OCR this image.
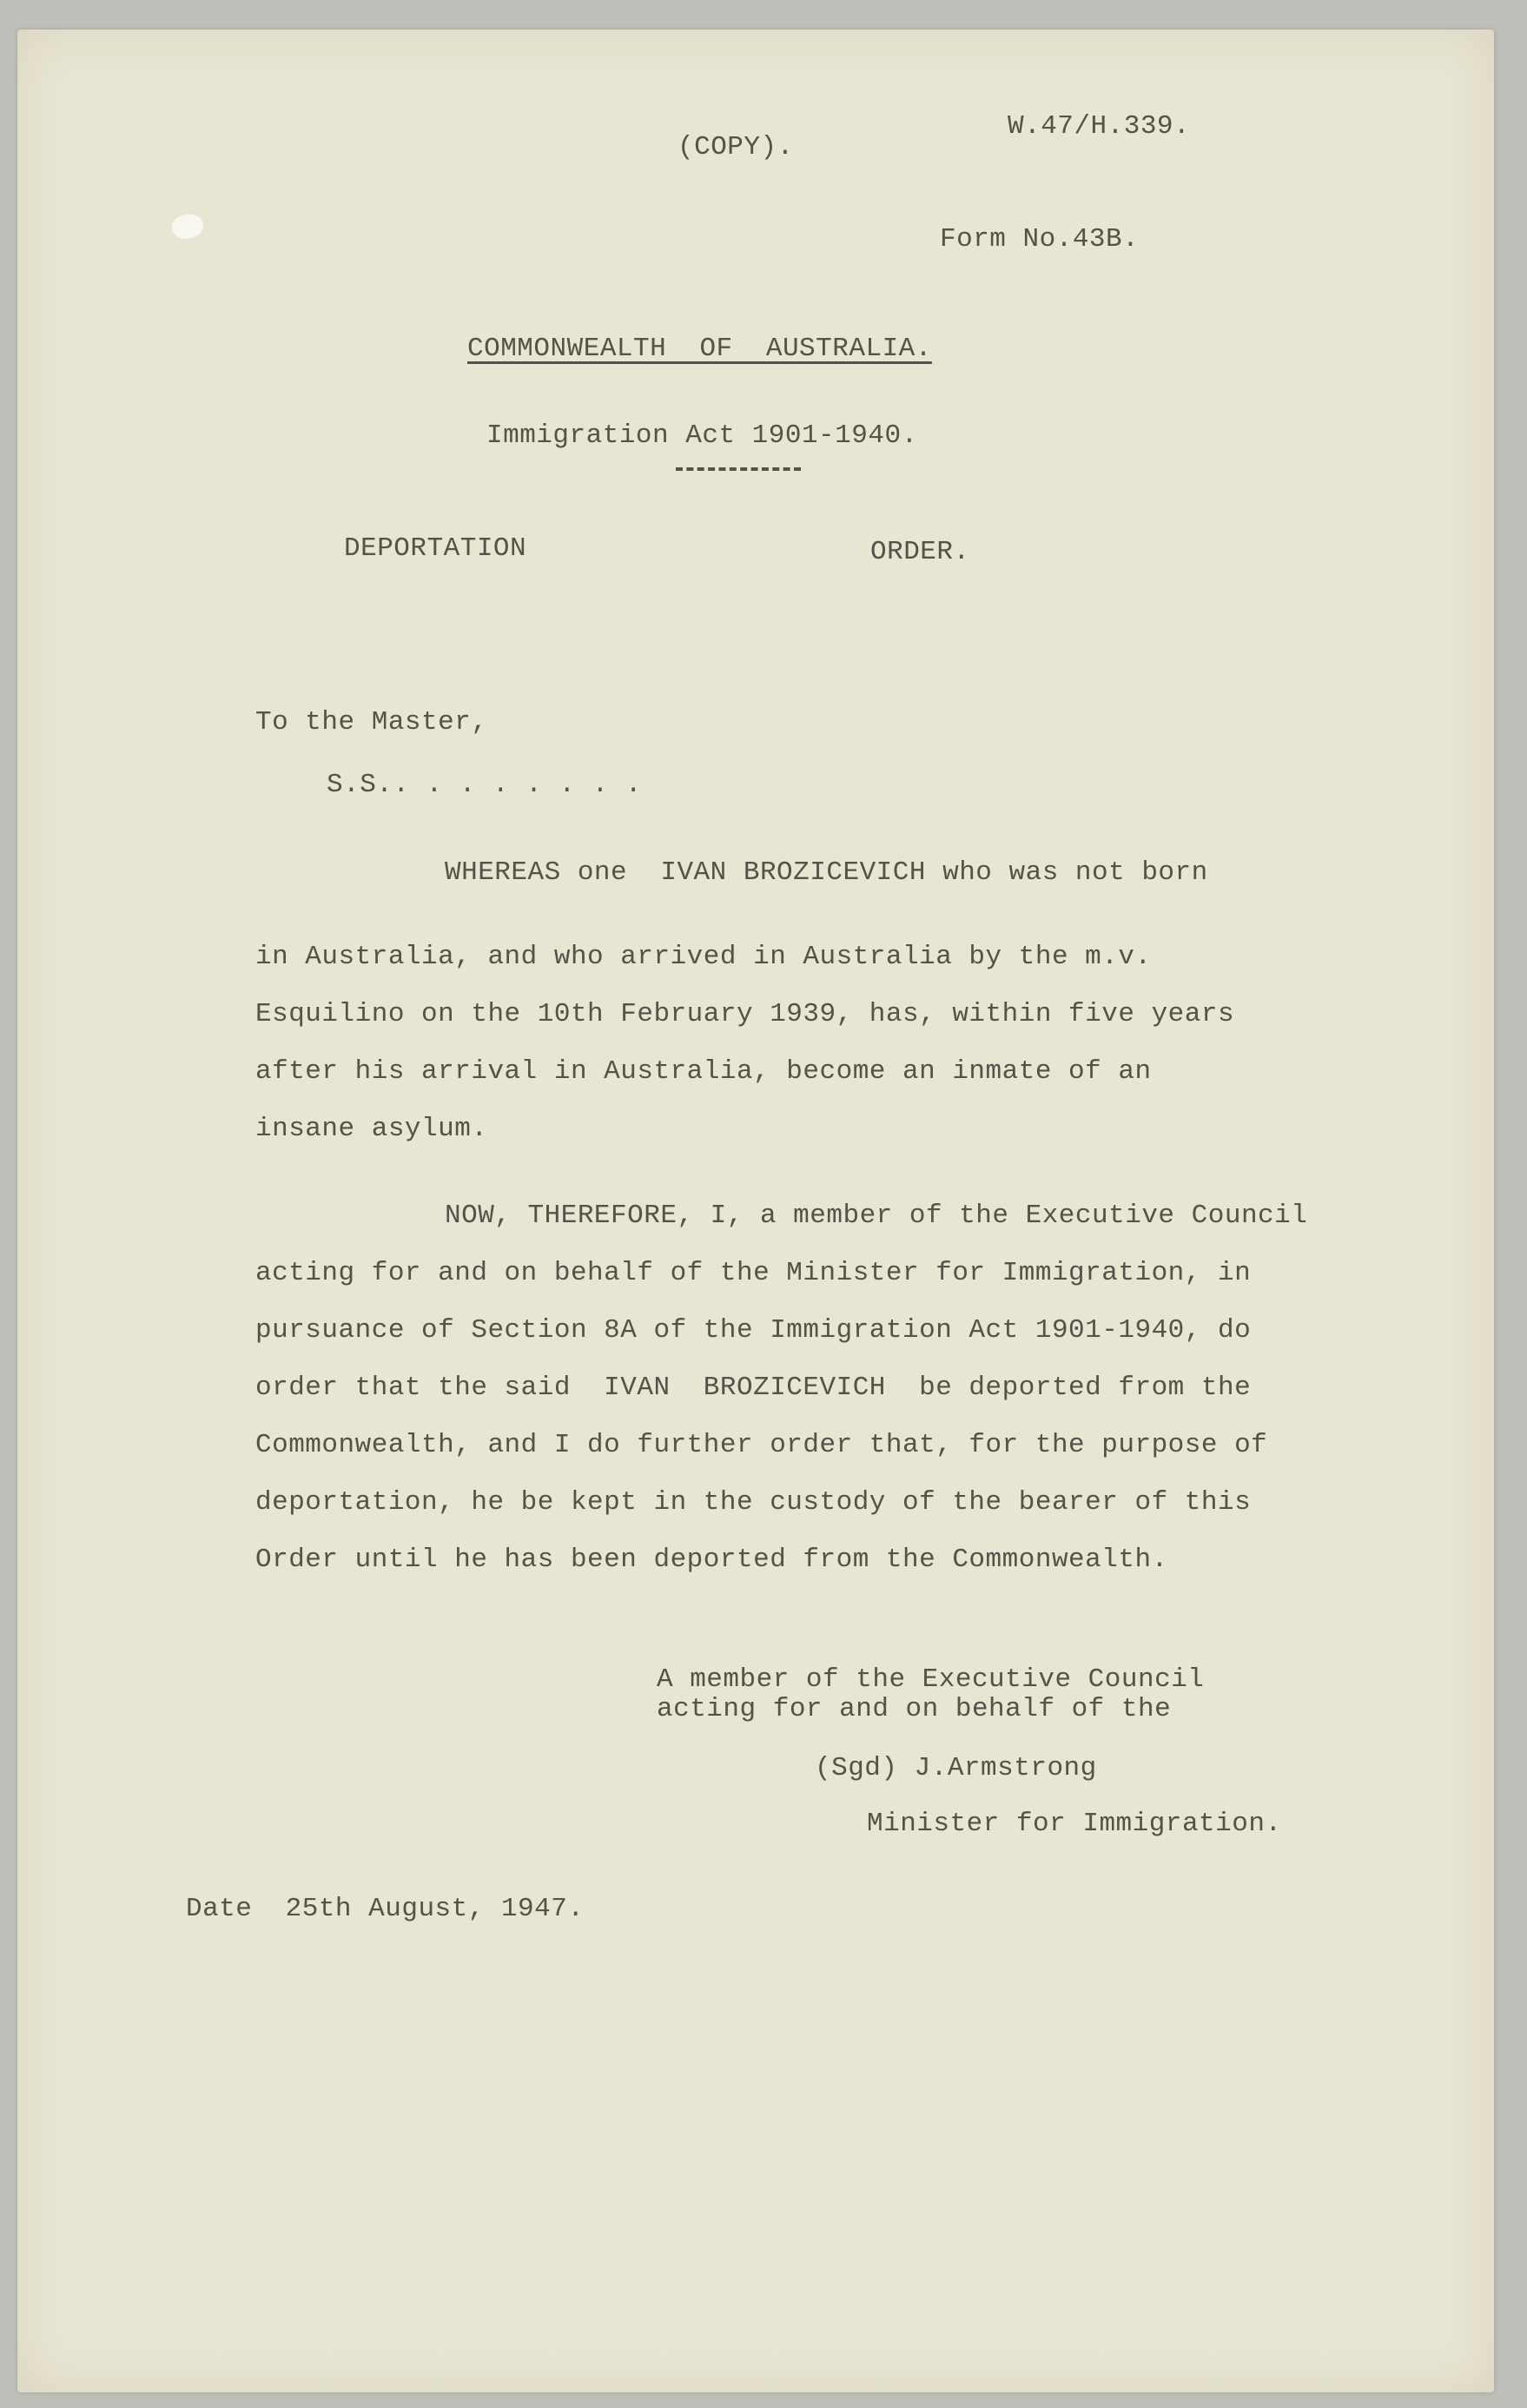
(COPY).
W.47/H.339.
Form No.43B.
COMMONWEALTH  OF  AUSTRALIA.
Immigration Act 1901-1940.
DEPORTATION	ORDER.
To the Master,
S.S.. . . . . . . .
WHEREAS one  IVAN BROZICEVICH who was not born
in Australia, and who arrived in Australia by the m.v.
Esquilino on the 10th February 1939, has, within five years
after his arrival in Australia, become an inmate of an
insane asylum.
NOW, THEREFORE, I, a member of the Executive Council
acting for and on behalf of the Minister for Immigration, in
pursuance of Section 8A of the Immigration Act 1901-1940, do
order that the said  IVAN  BROZICEVICH  be deported from the
Commonwealth, and I do further order that, for the purpose of
deportation, he be kept in the custody of the bearer of this
Order until he has been deported from the Commonwealth.
A member of the Executive Council
acting for and on behalf of the
(Sgd) J.Armstrong
Minister for Immigration.
Date  25th August, 1947.
